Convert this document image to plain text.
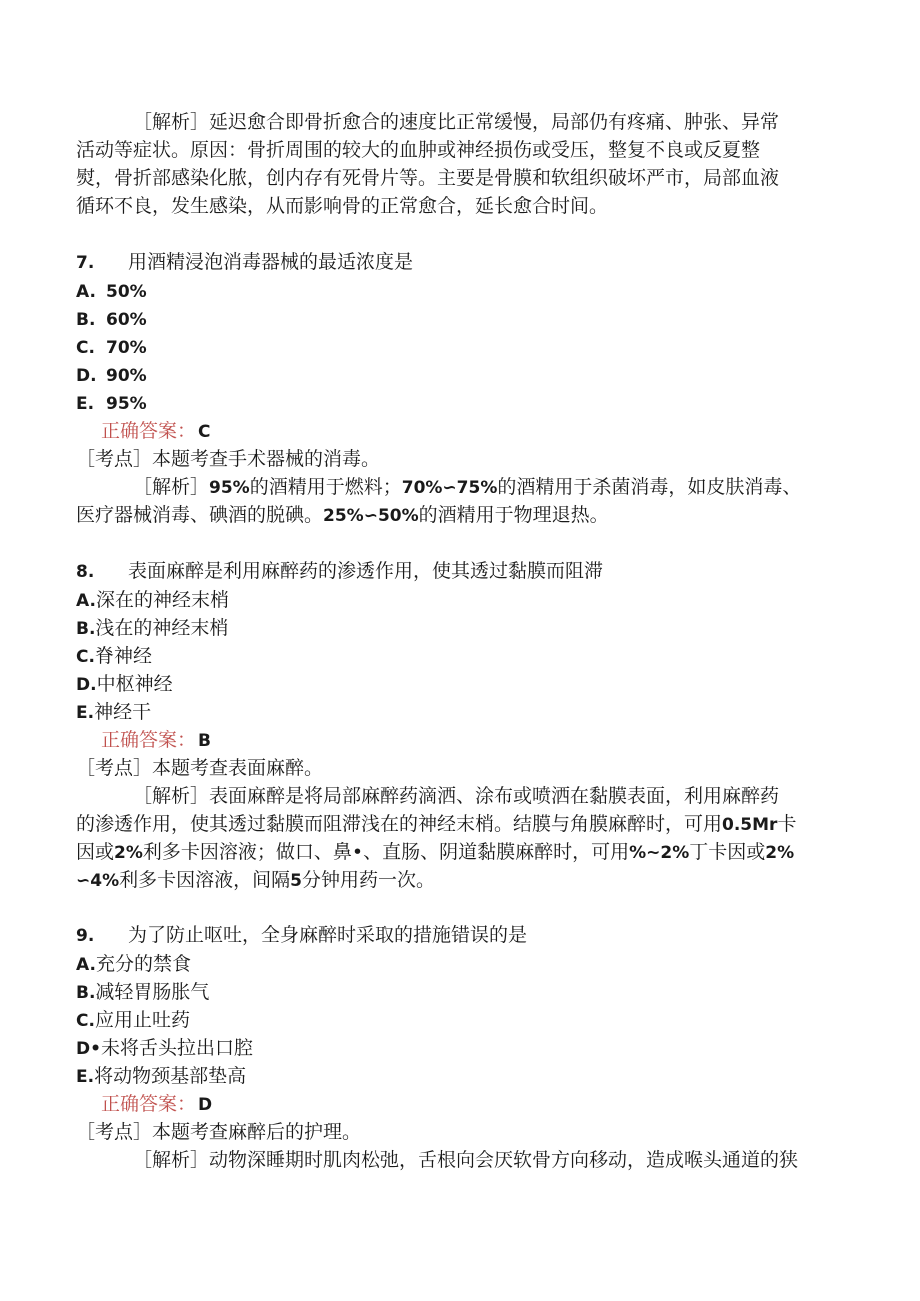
［解析］延迟愈合即骨折愈合的速度比正常缓慢，局部仍有疼痛、肿张、异常
活动等症状。原因：骨折周围的较大的血肿或神经损伤或受压，整复不良或反夏整
熨，骨折部感染化脓，创内存有死骨片等。主要是骨膜和软组织破坏严市，局部血液
循环不良，发生感染，从而影响骨的正常愈合，延长愈合时间。
7. 用酒精浸泡消毒器械的最适浓度是
A. 50%
B. 60%
C. 70%
D. 90%
E. 95%
正确答案： C
［考点］本题考查手术器械的消毒。
［解析］95%的酒精用于燃料；70%∽75%的酒精用于杀菌消毒，如皮肤消毒、
医疗器械消毒、碘酒的脱碘。25%∽50%的酒精用于物理退热。
8. 表面麻醉是利用麻醉药的渗透作用，使其透过黏膜而阻滞
A.深在的神经末梢
B.浅在的神经末梢
C.脊神经
D.中枢神经
E.神经干
正确答案： B
［考点］本题考查表面麻醉。
［解析］表面麻醉是将局部麻醉药滴洒、涂布或喷洒在黏膜表面，利用麻醉药
的渗透作用，使其透过黏膜而阻滞浅在的神经末梢。结膜与角膜麻醉时，可用0.5Mr卡
因或2%利多卡因溶液；做口、鼻•、直肠、阴道黏膜麻醉时，可用%~2%丁卡因或2%
∽4%利多卡因溶液，间隔5分钟用药一次。
9. 为了防止呕吐，全身麻醉时采取的措施错误的是
A.充分的禁食
B.减轻胃肠胀气
C.应用止吐药
D•未将舌头拉出口腔
E.将动物颈基部垫高
正确答案： D
［考点］本题考查麻醉后的护理。
［解析］动物深睡期时肌肉松弛，舌根向会厌软骨方向移动，造成喉头通道的狭
